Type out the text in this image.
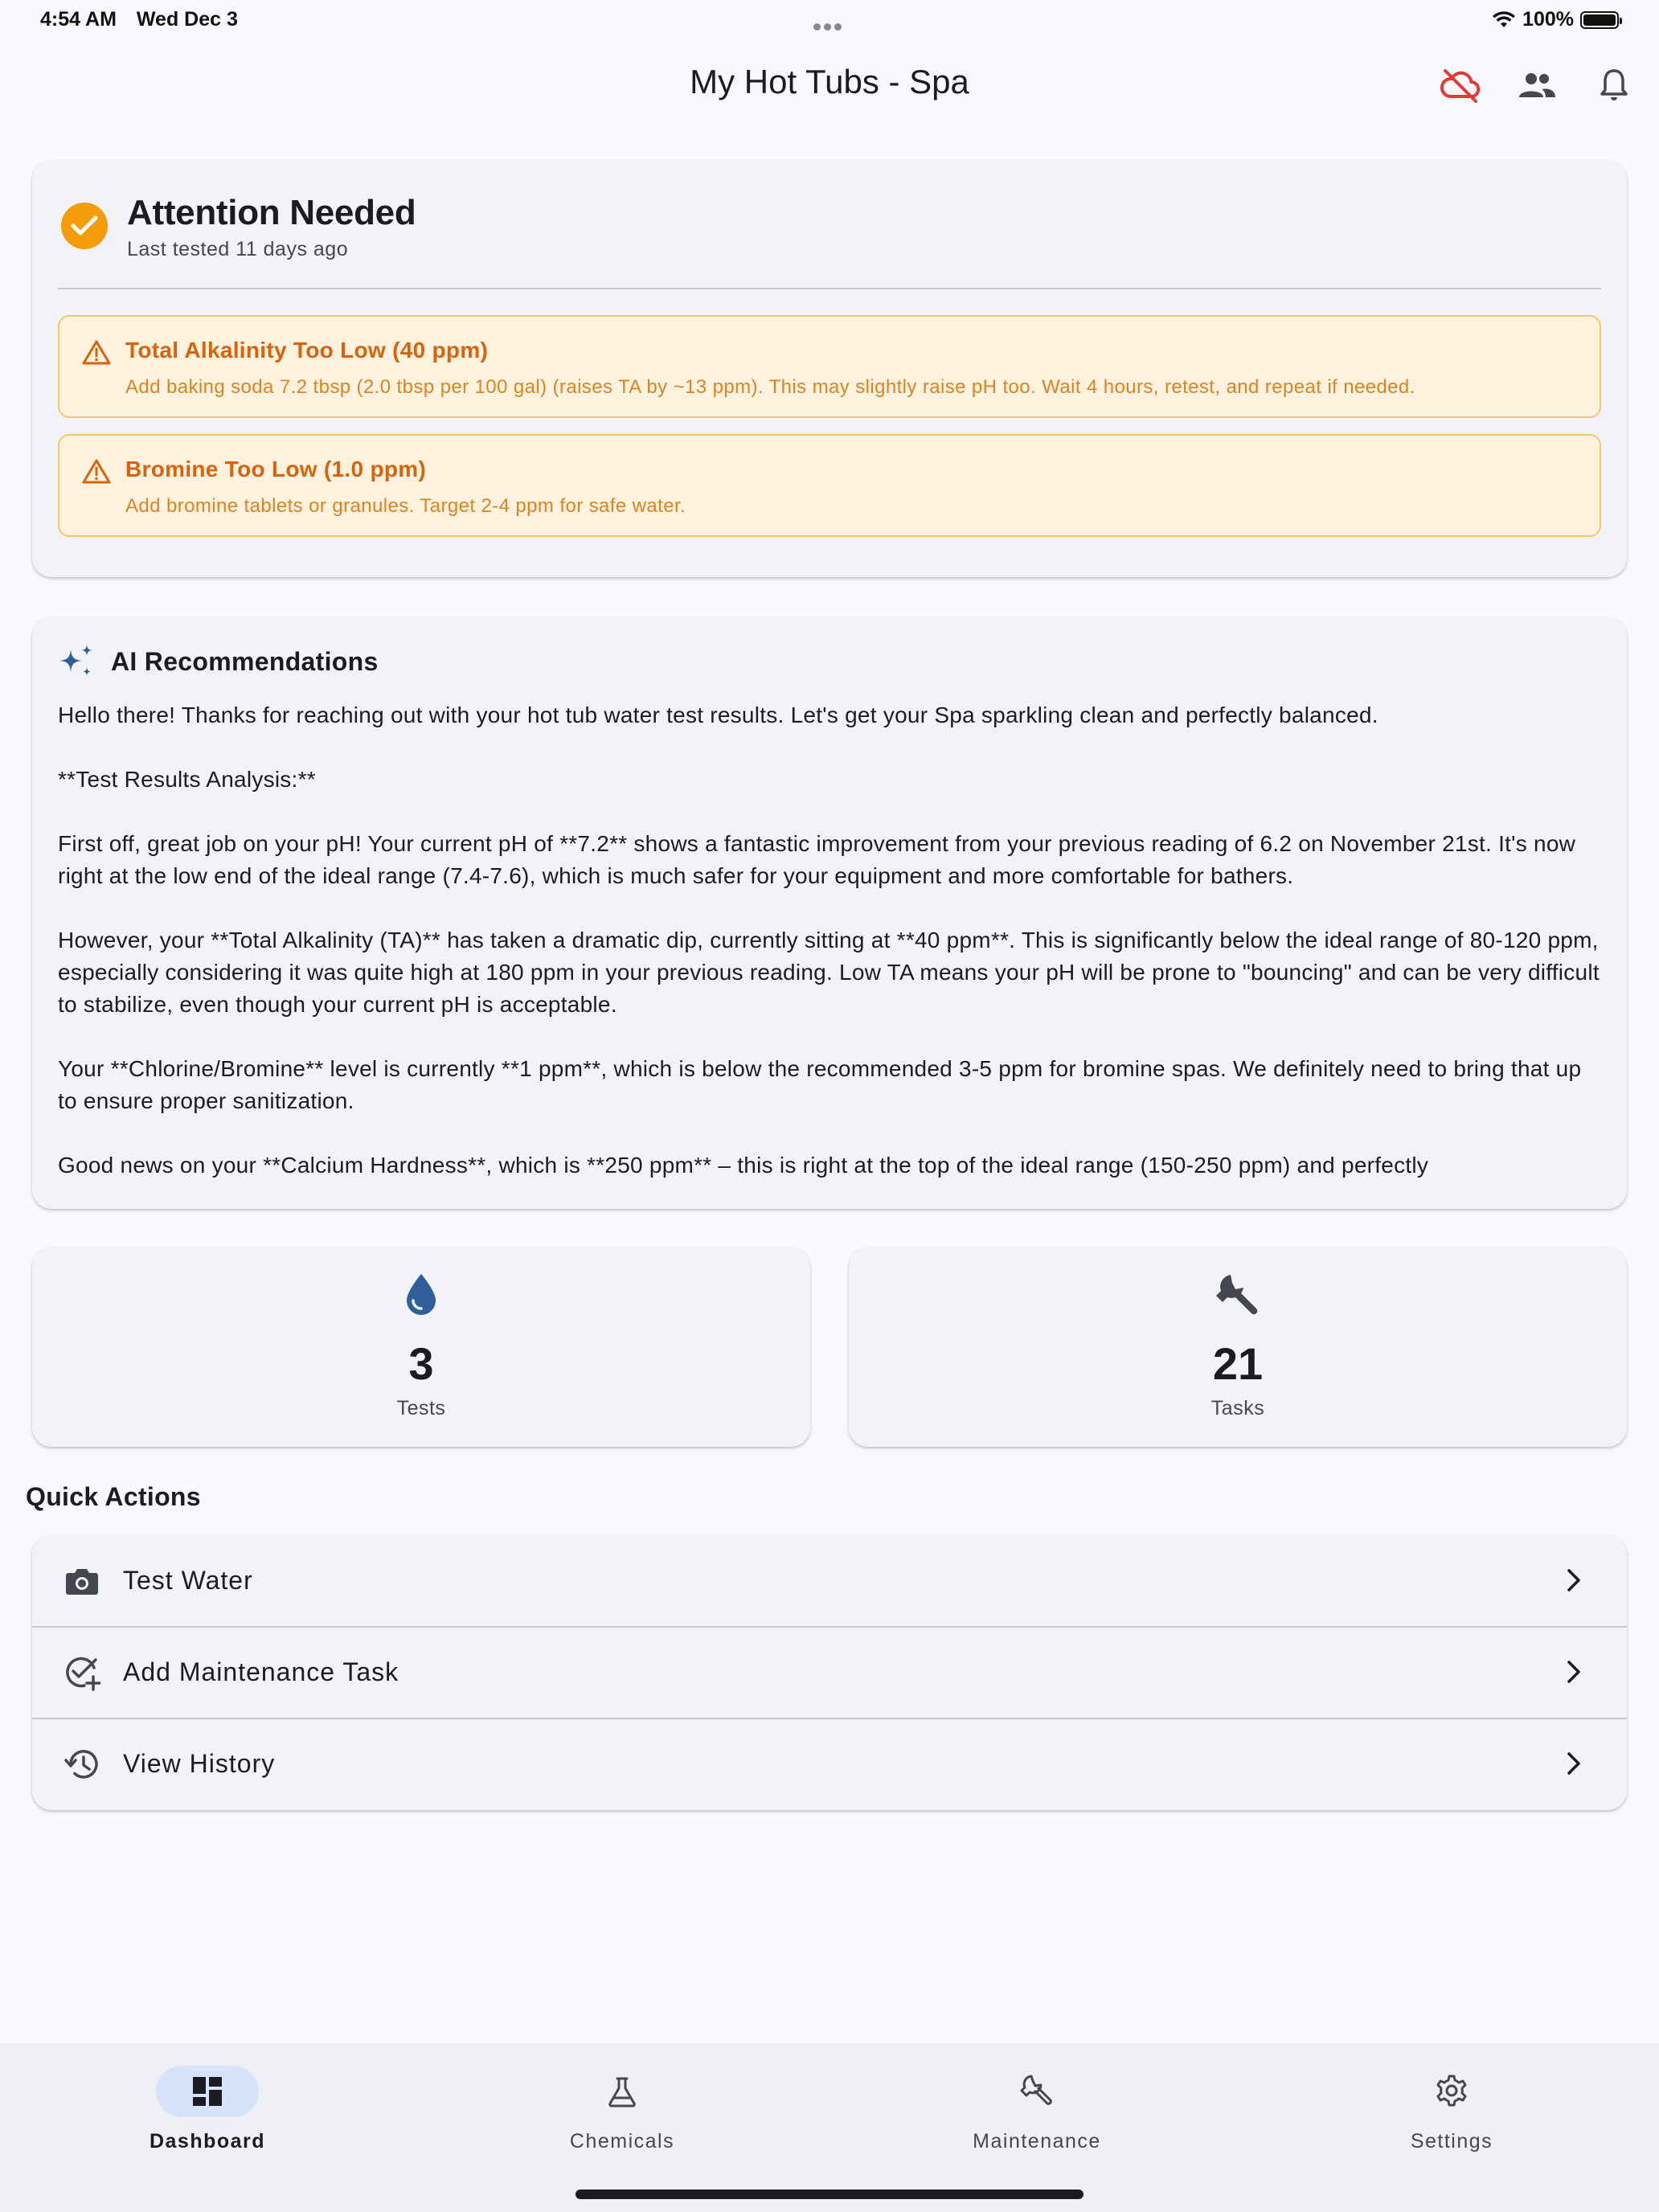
4:54 AM Wed Dec 3	100%
My Hot Tubs - Spa
Attention Needed
Last tested 11 days ago
Total Alkalinity Too Low (40 ppm)
Add baking soda 7.2 tbsp (2.0 tbsp per 100 gal) (raises TA by ~13 ppm). This may slightly raise pH too. Wait 4 hours, retest, and repeat if needed.
Bromine Too Low (1.0 ppm)
Add bromine tablets or granules. Target 2-4 ppm for safe water.
AI Recommendations

Hello there! Thanks for reaching out with your hot tub water test results. Let's get your Spa sparkling clean and perfectly balanced.

**Test Results Analysis:**

First off, great job on your pH! Your current pH of **7.2** shows a fantastic improvement from your previous reading of 6.2 on November 21st. It's now right at the low end of the ideal range (7.4-7.6), which is much safer for your equipment and more comfortable for bathers.

However, your **Total Alkalinity (TA)** has taken a dramatic dip, currently sitting at **40 ppm**. This is significantly below the ideal range of 80-120 ppm, especially considering it was quite high at 180 ppm in your previous reading. Low TA means your pH will be prone to "bouncing" and can be very difficult to stabilize, even though your current pH is acceptable.

Your **Chlorine/Bromine** level is currently **1 ppm**, which is below the recommended 3-5 ppm for bromine spas. We definitely need to bring that up to ensure proper sanitization.

Good news on your **Calcium Hardness**, which is **250 ppm** – this is right at the top of the ideal range (150-250 ppm) and perfectly

3
Tests
21
Tasks
Quick Actions
Test Water
Add Maintenance Task
View History
Dashboard	Chemicals	Maintenance	Settings
